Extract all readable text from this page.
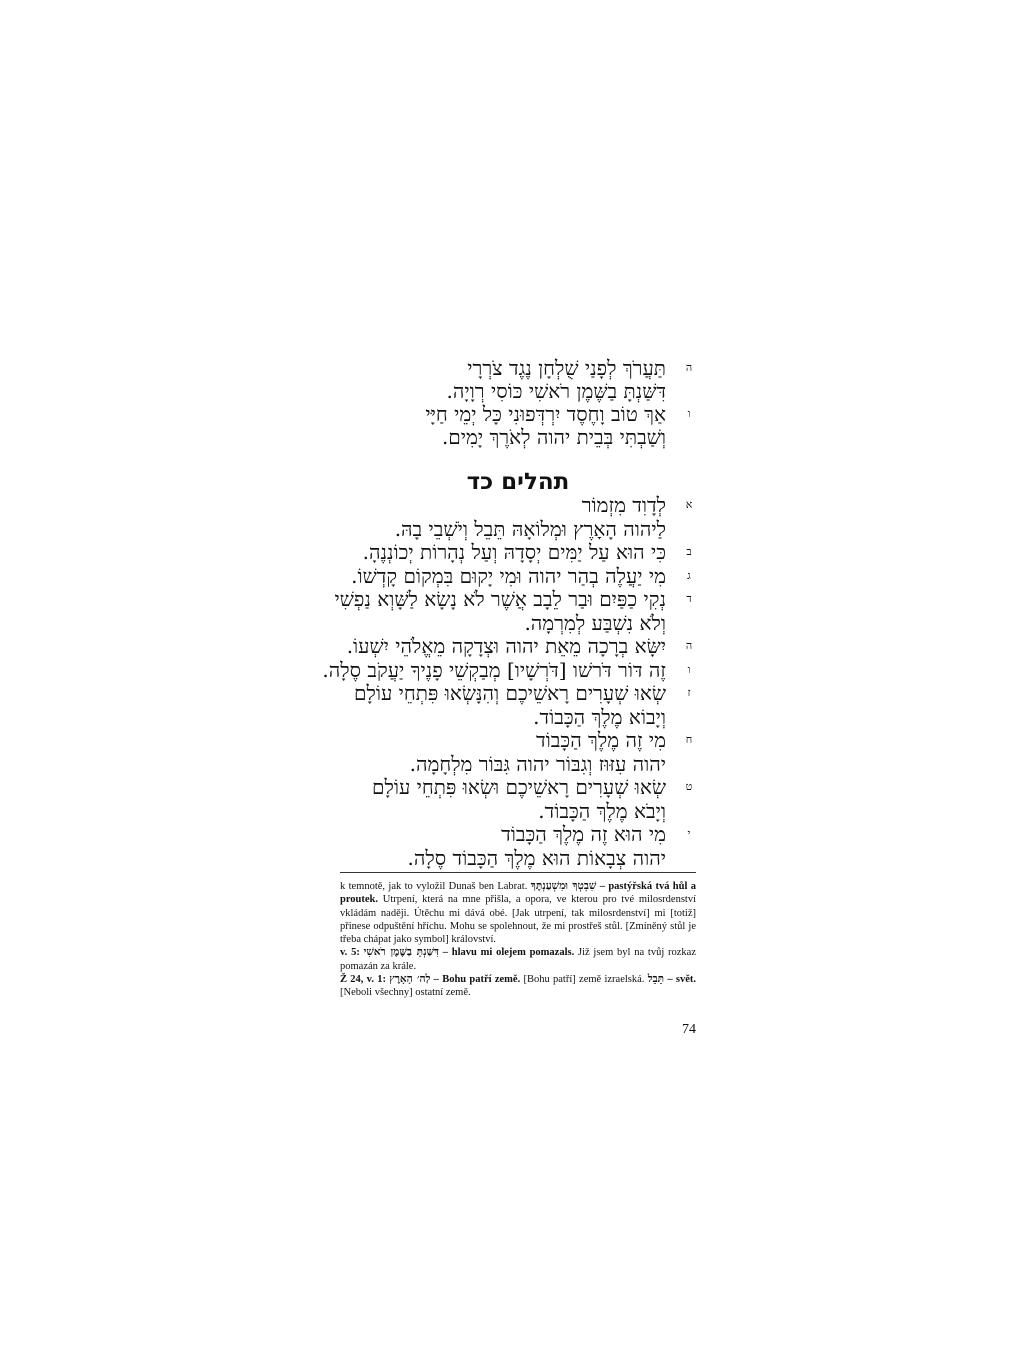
ה
תַּעֲרֹךְ לְפָנַי שֻׁלְחָן נֶגֶד צֹרְרָי
דִּשַּׁנְתָּ בַשֶּׁמֶן רֹאשִׁי כּוֹסִי רְוָיָה.
ו
אַךְ טוֹב וָחֶסֶד יִרְדְּפוּנִי כָּל יְמֵי חַיָּי
וְשַׁבְתִּי בְּבֵית יהוה לְאֹרֶךְ יָמִים.
תהלים כד
א
לְדָוִד מִזְמוֹר
לַיהוה הָאָרֶץ וּמְלוֹאָהּ תֵּבֵל וְיֹשְׁבֵי בָהּ.
ב
כִּי הוּא עַל יַמִּים יְסָדָהּ וְעַל נְהָרוֹת יְכוֹנְנֶהָ.
ג
מִי יַעֲלֶה בְהַר יהוה וּמִי יָקוּם בִּמְקוֹם קָדְשׁוֹ.
ד
נְקִי כַפַּיִם וּבַר לֵבָב אֲשֶׁר לֹא נָשָׂא לַשָּׁוְא נַפְשִׁי
וְלֹא נִשְׁבַּע לְמִרְמָה.
ה
יִשָּׂא בְרָכָה מֵאֵת יהוה וּצְדָקָה מֵאֱלֹהֵי יִשְׁעוֹ.
ו
זֶה דּוֹר דֹּרשׁו [דֹּרְשָׁיו] מְבַקְשֵׁי פָנֶיךָ יַעֲקֹב סֶלָה.
ז
שְׂאוּ שְׁעָרִים רָאשֵׁיכֶם וְהִנָּשְׂאוּ פִּתְחֵי עוֹלָם
וְיָבוֹא מֶלֶךְ הַכָּבוֹד.
ח
מִי זֶה מֶלֶךְ הַכָּבוֹד
יהוה עִזּוּז וְגִבּוֹר יהוה גִּבּוֹר מִלְחָמָה.
ט
שְׂאוּ שְׁעָרִים רָאשֵׁיכֶם וּשְׂאוּ פִּתְחֵי עוֹלָם
וְיָבֹא מֶלֶךְ הַכָּבוֹד.
י
מִי הוּא זֶה מֶלֶךְ הַכָּבוֹד
יהוה צְבָאוֹת הוּא מֶלֶךְ הַכָּבוֹד סֶלָה.

k temnotě, jak to vyložil Dunaš ben Labrat. שִׁבְטְךָ וּמִשְׁעַנְתֶּךָ – pastýřská tvá hůl a proutek. Utrpení, která na mne přišla, a opora, ve kterou pro tvé milosrdenství vkládám naději. Útěchu mi dává obé. [Jak utrpení, tak milosrdenství] mi [totiž] přinese odpuštění hříchu. Mohu se spolehnout, že mi prostřeš stůl. [Zmíněný stůl je třeba chápat jako symbol] království.

v. 5: דִּשַּׁנְתָּ בַשֶּׁמֶן רֹאשִׁי – hlavu mi olejem pomazals. Již jsem byl na tvůj rozkaz pomazán za krále.

Ž 24, v. 1: לַה׳ הָאָרֶץ – Bohu patří země. [Bohu patří] země izraelská. תֵּבֵל – svět. [Neboli všechny] ostatní země.

74
